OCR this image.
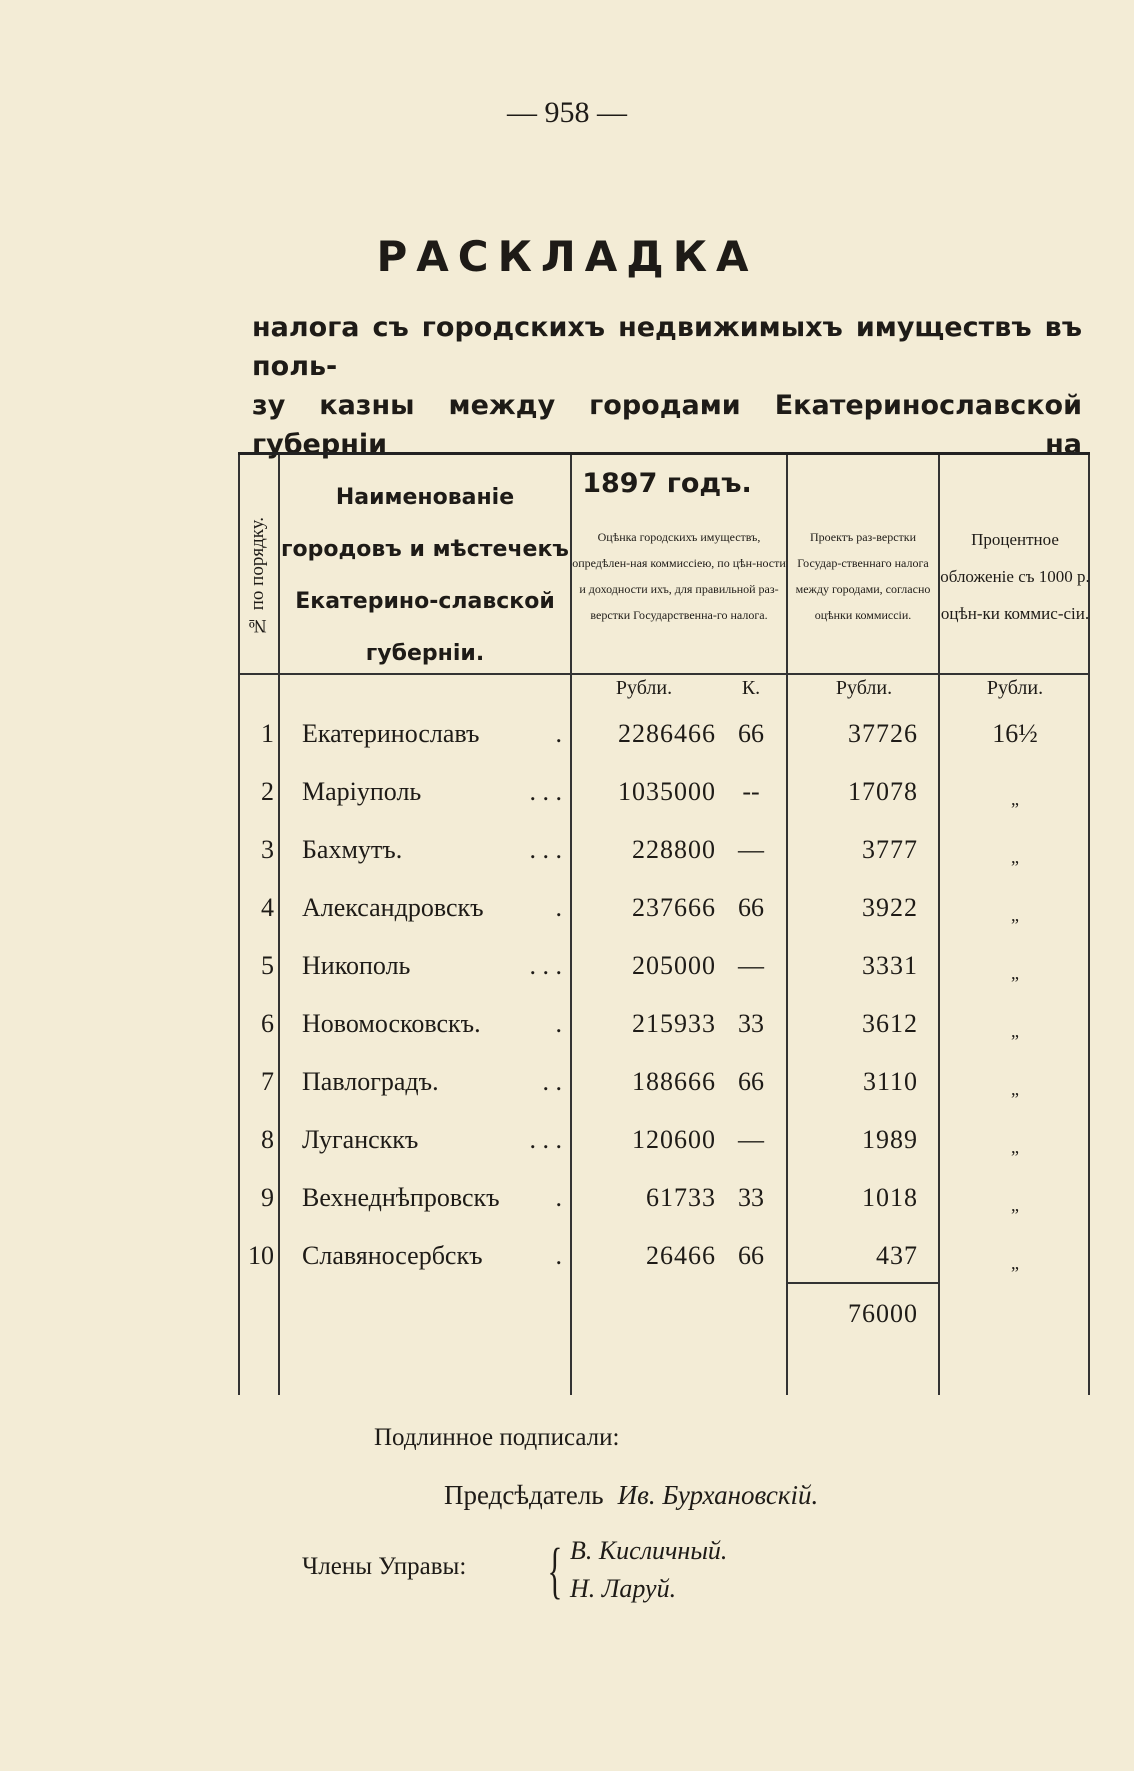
— 958 —
РАСКЛАДКА
налога съ городскихъ недвижимыхъ имуществъ въ поль-
зу казны между городами Екатеринославской губерніи на
1897 годъ.
№ по порядку.
Наименованіе городовъ и мѣстечекъ Екатерино-славской губерніи.
Оцѣнка городскихъ имуществъ, опредѣлен-ная коммиссіею, по цѣн-ности и доходности ихъ, для правильной раз-верстки Государственна-го налога.
Проектъ раз-верстки Государ-ственнаго налога между городами, согласно оцѣнки коммиссіи.
Процентное обложеніе съ 1000 р. оцѣн-ки коммис-сіи.
Рубли.	К.	Рубли.	Рубли.
1 Екатеринославъ	.	2286466 66	37726	16½
2 Маріуполь	. . .	1035000	--	17078	„
3 Бахмутъ.	. . .	228800 —	3777	„
4 Александровскъ	.	237666 66	3922	„
5 Никополь	. . .	205000 —	3331	„
6 Новомосковскъ.	.	215933 33	3612	„
7 Павлоградъ.	. .	188666 66	3110	„
8 Лугансккъ	. . .	120600 —	1989	„
9 Вехнеднѣпровскъ	.	61733 33	1018	„
10 Славяносербскъ	.	26466 66	437	„
76000
Подлинное подписали:
Предсѣдатель Ив. Бурхановскій.
Члены Управы: { В. Кисличный.
Н. Ларуй.
